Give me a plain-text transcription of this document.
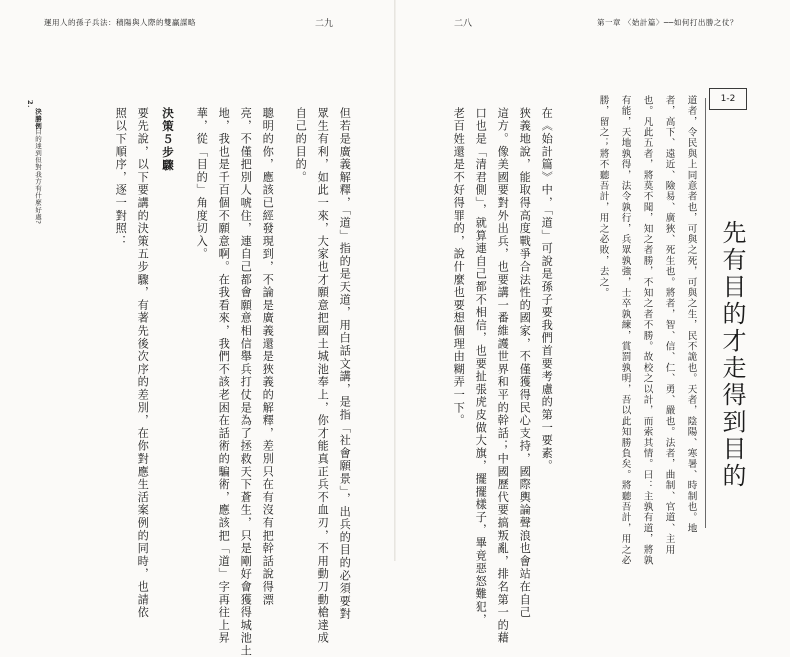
運用人的孫子兵法：積陽與人際的雙贏謀略	二九
2.
決勝例
目的達到但對我方有什麼好處?	但若是廣義解釋，「道」指的是天道，用白話文講，是指「社會願景」，出兵的目的必須要對
眾生有利，如此一來，大家也才願意把國土城池奉上，你才能真正兵不血刃，不用動刀動槍達成
自己的目的。
聰明的你，應該已經發現到，不論是廣義還是狹義的解釋，差別只在有沒有把幹話說得漂
亮，不僅把別人唬住，連自己都會願意相信舉兵打仗是為了拯救天下蒼生，只是剛好會獲得城池土
地，我也是千百個不願意啊。在我看來，我們不該老困在話術的騙術，應該把「道」字再往上昇
華，從「目的」角度切入。
決策５步驟
要先說，以下要講的決策五步驟，有著先後次序的差別，在你對應生活案例的同時，也請依
照以下順序，逐一對照：
二八	第一章 〈始計篇〉──如何打出勝之仗？
1-2
先有目的才走得到目的
道者，令民與上同意者也，可與之死，可與之生，民不詭也。天者，陰陽、寒暑、時制也。地
者，高下、遠近、險易、廣狹、死生也。將者，智、信、仁、勇、嚴也。法者，曲制、官道、主用
也。凡此五者，將莫不聞，知之者勝，不知之者不勝。故校之以計，而索其情。曰：主孰有道，將孰
有能，天地孰得，法令孰行，兵眾孰強，士卒孰練，賞罰孰明，吾以此知勝負矣。將聽吾計，用之必
勝，留之；將不聽吾計，用之必敗，去之。
在《始計篇》中，「道」可說是孫子要我們首要考慮的第一要素。
狹義地說，能取得高度戰爭合法性的國家，不僅獲得民心支持，國際輿論聲浪也會站在自己
這方。像美國要對外出兵，也要講一番維護世界和平的幹話；中國歷代要搞叛亂，排名第一的藉
口也是「清君側」，就算連自己都不相信，也要扯張虎皮做大旗，擺擺樣子，畢竟惡怒難犯，
老百姓還是不好得罪的，說什麼也要想個理由糊弄一下。
